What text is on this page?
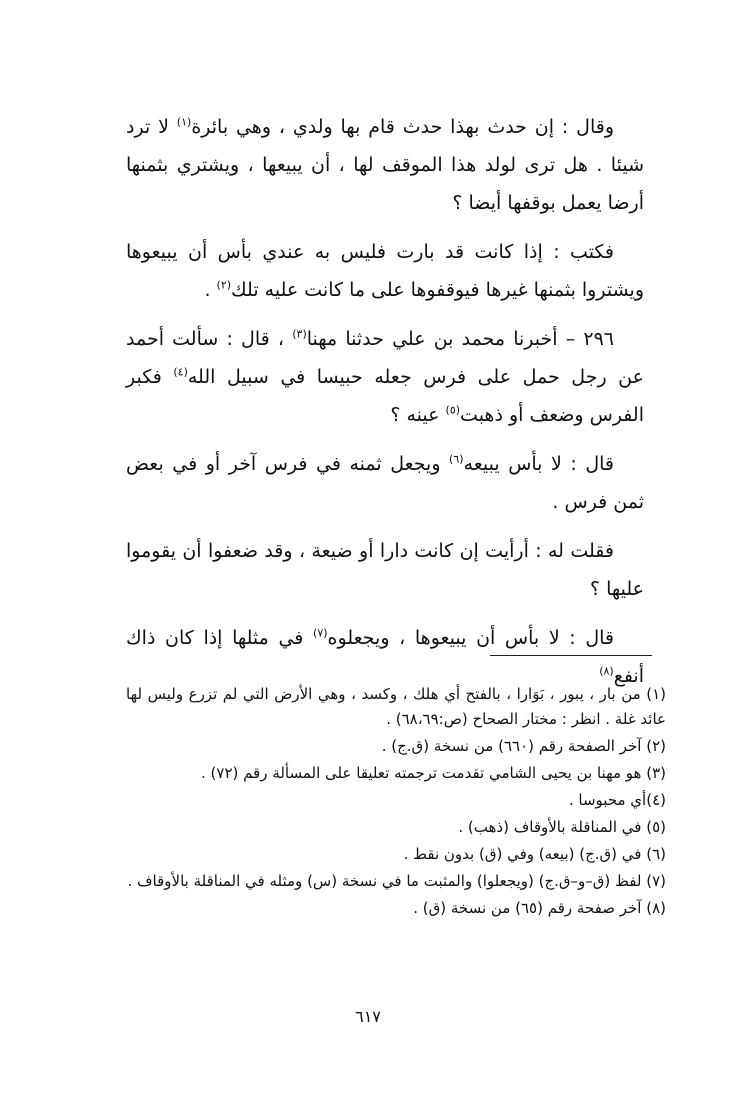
وقال : إن حدث بهذا حدث قام بها ولدي ، وهي بائرة$^{(١)}$ لا ترد شيئا . هل ترى لولد هذا الموقف لها ، أن يبيعها ، ويشتري بثمنها أرضا يعمل بوقفها أيضا ؟

فكتب : إذا كانت قد بارت فليس به عندي بأس أن يبيعوها ويشتروا بثمنها غيرها فيوقفوها على ما كانت عليه تلك$^{(٢)}$ .

٢٩٦ – أخبرنا محمد بن علي حدثنا مهنا$^{(٣)}$ ، قال : سألت أحمد عن رجل حمل على فرس جعله حبيسا في سبيل الله$^{(٤)}$ فكبر الفرس وضعف أو ذهبت$^{(٥)}$ عينه ؟

قال : لا بأس يبيعه$^{(٦)}$ ويجعل ثمنه في فرس آخر أو في بعض ثمن فرس .

فقلت له : أرأيت إن كانت دارا أو ضيعة ، وقد ضعفوا أن يقوموا عليها ؟

قال : لا بأس أن يبيعوها ، ويجعلوه$^{(٧)}$ في مثلها إذا كان ذاك أنفع$^{(٨)}$

(١) من بار ، يبور ، بَوَارا ، بالفتح أي هلك ، وكسد ، وهي الأرض التي لم تزرع وليس لها عائد غلة . انظر : مختار الصحاح (ص:٦٨،٦٩) .

(٢) آخر الصفحة رقم (٦٦٠) من نسخة (ق.ج) .

(٣) هو مهنا بن يحيى الشامي تقدمت ترجمته تعليقا على المسألة رقم (٧٢) .

(٤)أي محبوسا .

(٥) في المناقلة بالأوقاف (ذهب) .

(٦) في (ق.ج) (بيعه) وفي (ق) بدون نقط .

(٧) لفظ (ق–و–ق.ج) (ويجعلوا) والمثبت ما في نسخة (س) ومثله في المناقلة بالأوقاف .

(٨) آخر صفحة رقم (٦٥) من نسخة (ق) .

٦١٧
